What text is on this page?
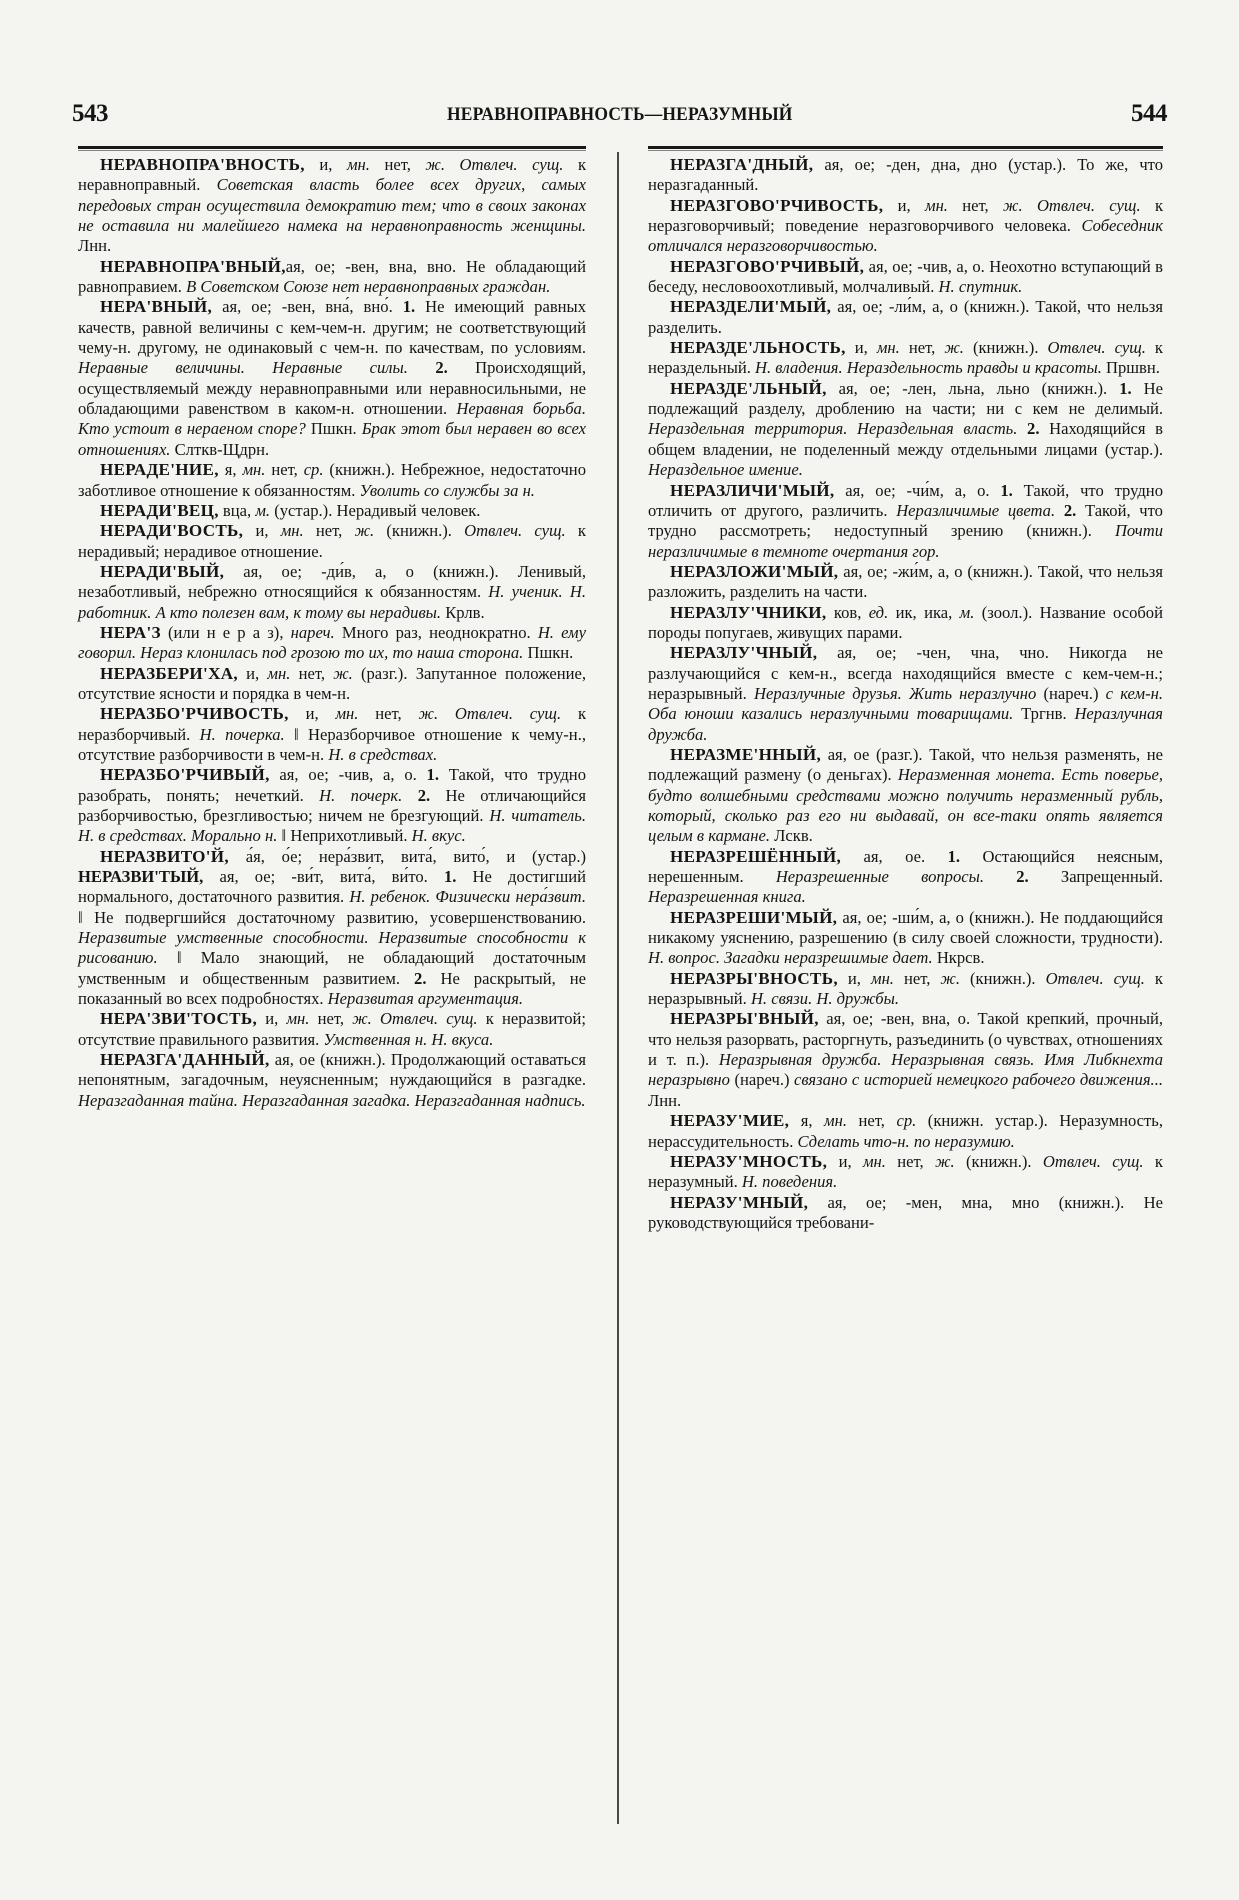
543	НЕРАВНОПРАВНОСТЬ—НЕРАЗУМНЫЙ	544

НЕРАВНОПРА'ВНОСТЬ, и, мн. нет, ж. Отвлеч. сущ. к неравноправный. Советская власть более всех других, самых передовых стран осуществила демократию тем; что в своих законах не оставила ни малейшего намека на неравноправность женщины. Лнн.

НЕРАВНОПРА'ВНЫЙ,ая, ое; -вен, вна, вно. Не обладающий равноправием. В Советском Союзе нет неравноправных граждан.

НЕРА'ВНЫЙ, ая, ое; -вен, вна́, вно́. 1. Не имеющий равных качеств, равной величины с кем-чем-н. другим; не соответствующий чему-н. другому, не одинаковый с чем-н. по качествам, по условиям. Неравные величины. Неравные силы. 2. Происходящий, осуществляемый между неравноправными или неравносильными, не обладающими равенством в каком-н. отношении. Неравная борьба. Кто устоит в нераеном споре? Пшкн. Брак этот был неравен во всех отношениях. Слткв-Щдрн.

НЕРАДЕ'НИЕ, я, мн. нет, ср. (книжн.). Небрежное, недостаточно заботливое отношение к обязанностям. Уволить со службы за н.

НЕРАДИ'ВЕЦ, вца, м. (устар.). Нерадивый человек.

НЕРАДИ'ВОСТЬ, и, мн. нет, ж. (книжн.). Отвлеч. сущ. к нерадивый; нерадивое отношение.

НЕРАДИ'ВЫЙ, ая, ое; -ди́в, а, о (книжн.). Ленивый, незаботливый, небрежно относящийся к обязанностям. Н. ученик. Н. работник. А кто полезен вам, к тому вы нерадивы. Крлв.

НЕРА'З (или н е р а з), нареч. Много раз, неоднократно. Н. ему говорил. Нераз клонилась под грозою то их, то наша сторона. Пшкн.

НЕРАЗБЕРИ'ХА, и, мн. нет, ж. (разг.). Запутанное положение, отсутствие ясности и порядка в чем-н.

НЕРАЗБО'РЧИВОСТЬ, и, мн. нет, ж. Отвлеч. сущ. к неразборчивый. Н. почерка. ‖ Неразборчивое отношение к чему-н., отсутствие разборчивости в чем-н. Н. в средствах.

НЕРАЗБО'РЧИВЫЙ, ая, ое; -чив, а, о. 1. Такой, что трудно разобрать, понять; нечеткий. Н. почерк. 2. Не отличающийся разборчивостью, брезгливостью; ничем не брезгующий. Н. читатель. Н. в средствах. Морально н. ‖ Неприхотливый. Н. вкус.

НЕРАЗВИТО'Й, а́я, о́е; нера́звит, вита́, вито́, и (устар.) НЕРАЗВИ'ТЫЙ, ая, ое; -ви́т, вита́, ви́то. 1. Не достигший нормального, достаточного развития. Н. ребенок. Физически нера́звит. ‖ Не подвергшийся достаточному развитию, усовершенствованию. Неразвитые умственные способности. Неразвитые способности к рисованию. ‖ Мало знающий, не обладающий достаточным умственным и общественным развитием. 2. Не раскрытый, не показанный во всех подробностях. Неразвитая аргументация.

НЕРА'ЗВИ'ТОСТЬ, и, мн. нет, ж. Отвлеч. сущ. к неразвитой; отсутствие правильного развития. Умственная н. Н. вкуса.

НЕРАЗГА'ДАННЫЙ, ая, ое (книжн.). Продолжающий оставаться непонятным, загадочным, неуясненным; нуждающийся в разгадке. Неразгаданная тайна. Неразгаданная загадка. Неразгаданная надпись.

НЕРАЗГА'ДНЫЙ, ая, ое; -ден, дна, дно (устар.). То же, что неразгаданный.

НЕРАЗГОВО'РЧИВОСТЬ, и, мн. нет, ж. Отвлеч. сущ. к неразговорчивый; поведение неразговорчивого человека. Собеседник отличался неразговорчивостью.

НЕРАЗГОВО'РЧИВЫЙ, ая, ое; -чив, а, о. Неохотно вступающий в беседу, несловоохотливый, молчаливый. Н. спутник.

НЕРАЗДЕЛИ'МЫЙ, ая, ое; -ли́м, а, о (книжн.). Такой, что нельзя разделить.

НЕРАЗДЕ'ЛЬНОСТЬ, и, мн. нет, ж. (книжн.). Отвлеч. сущ. к нераздельный. Н. владения. Нераздельность правды и красоты. Пршвн.

НЕРАЗДЕ'ЛЬНЫЙ, ая, ое; -лен, льна, льно (книжн.). 1. Не подлежащий разделу, дроблению на части; ни с кем не делимый. Нераздельная территория. Нераздельная власть. 2. Находящийся в общем владении, не поделенный между отдельными лицами (устар.). Нераздельное имение.

НЕРАЗЛИЧИ'МЫЙ, ая, ое; -чи́м, а, о. 1. Такой, что трудно отличить от другого, различить. Неразличимые цвета. 2. Такой, что трудно рассмотреть; недоступный зрению (книжн.). Почти неразличимые в темноте очертания гор.

НЕРАЗЛОЖИ'МЫЙ, ая, ое; -жи́м, а, о (книжн.). Такой, что нельзя разложить, разделить на части.

НЕРАЗЛУ'ЧНИКИ, ков, ед. ик, ика, м. (зоол.). Название особой породы попугаев, живущих парами.

НЕРАЗЛУ'ЧНЫЙ, ая, ое; -чен, чна, чно. Никогда не разлучающийся с кем-н., всегда находящийся вместе с кем-чем-н.; неразрывный. Неразлучные друзья. Жить неразлучно (нареч.) с кем-н. Оба юноши казались неразлучными товарищами. Тргнв. Неразлучная дружба.

НЕРАЗМЕ'ННЫЙ, ая, ое (разг.). Такой, что нельзя разменять, не подлежащий размену (о деньгах). Неразменная монета. Есть поверье, будто волшебными средствами можно получить неразменный рубль, который, сколько раз его ни выдавай, он все-таки опять является целым в кармане. Лскв.

НЕРАЗРЕШЁННЫЙ, ая, ое. 1. Остающийся неясным, нерешенным. Неразрешенные вопросы. 2. Запрещенный. Неразрешенная книга.

НЕРАЗРЕШИ'МЫЙ, ая, ое; -ши́м, а, о (книжн.). Не поддающийся никакому уяснению, разрешению (в силу своей сложности, трудности). Н. вопрос. Загадки неразрешимые дает. Нкрсв.

НЕРАЗРЫ'ВНОСТЬ, и, мн. нет, ж. (книжн.). Отвлеч. сущ. к неразрывный. Н. связи. Н. дружбы.

НЕРАЗРЫ'ВНЫЙ, ая, ое; -вен, вна, о. Такой крепкий, прочный, что нельзя разорвать, расторгнуть, разъединить (о чувствах, отношениях и т. п.). Неразрывная дружба. Неразрывная связь. Имя Либкнехта неразрывно (нареч.) связано с историей немецкого рабочего движения... Лнн.

НЕРАЗУ'МИЕ, я, мн. нет, ср. (книжн. устар.). Неразумность, нерассудительность. Сделать что-н. по неразумию.

НЕРАЗУ'МНОСТЬ, и, мн. нет, ж. (книжн.). Отвлеч. сущ. к неразумный. Н. поведения.

НЕРАЗУ'МНЫЙ, ая, ое; -мен, мна, мно (книжн.). Не руководствующийся требовани-
